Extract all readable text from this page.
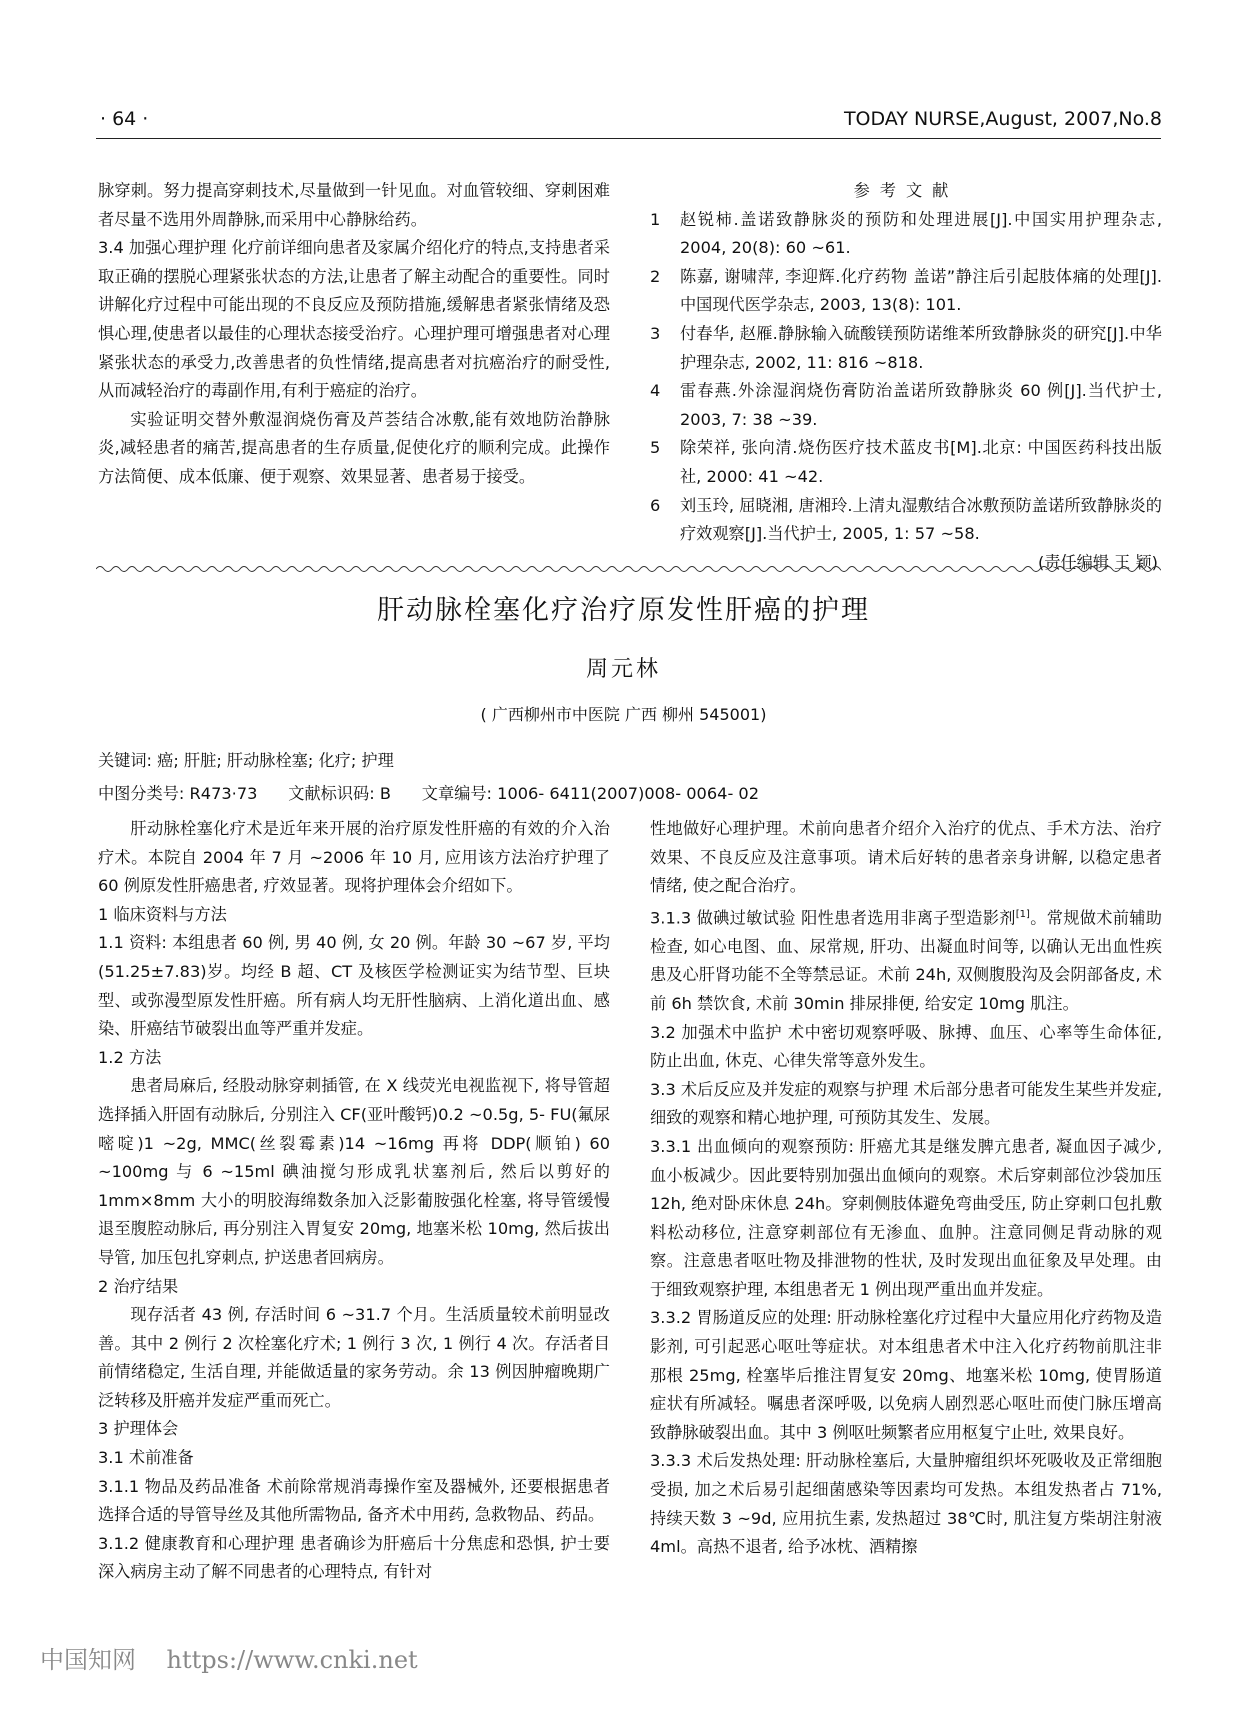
· 64 ·	TODAY NURSE,August, 2007,No.8

脉穿刺。努力提高穿刺技术,尽量做到一针见血。对血管较细、穿刺困难者尽量不选用外周静脉,而采用中心静脉给药。

3.4 加强心理护理 化疗前详细向患者及家属介绍化疗的特点,支持患者采取正确的摆脱心理紧张状态的方法,让患者了解主动配合的重要性。同时讲解化疗过程中可能出现的不良反应及预防措施,缓解患者紧张情绪及恐惧心理,使患者以最佳的心理状态接受治疗。心理护理可增强患者对心理紧张状态的承受力,改善患者的负性情绪,提高患者对抗癌治疗的耐受性,从而减轻治疗的毒副作用,有利于癌症的治疗。

实验证明交替外敷湿润烧伤膏及芦荟结合冰敷,能有效地防治静脉炎,减轻患者的痛苦,提高患者的生存质量,促使化疗的顺利完成。此操作方法简便、成本低廉、便于观察、效果显著、患者易于接受。

参考文献

1	赵锐柿.盖诺致静脉炎的预防和处理进展[J].中国实用护理杂志, 2004, 20(8): 60 ~61.
2	陈嘉, 谢啸萍, 李迎辉.化疗药物 盖诺”静注后引起肢体痛的处理[J].中国现代医学杂志, 2003, 13(8): 101.
3	付春华, 赵雁.静脉输入硫酸镁预防诺维苯所致静脉炎的研究[J].中华护理杂志, 2002, 11: 816 ~818.
4	雷春燕.外涂湿润烧伤膏防治盖诺所致静脉炎 60 例[J].当代护士, 2003, 7: 38 ~39.
5	除荣祥, 张向清.烧伤医疗技术蓝皮书[M].北京: 中国医药科技出版社, 2000: 41 ~42.
6	刘玉玲, 屈晓湘, 唐湘玲.上清丸湿敷结合冰敷预防盖诺所致静脉炎的疗效观察[J].当代护士, 2005, 1: 57 ~58.

(责任编辑 王 颖)

肝动脉栓塞化疗治疗原发性肝癌的护理
周元林
( 广西柳州市中医院 广西 柳州 545001)
关键词: 癌; 肝脏; 肝动脉栓塞; 化疗; 护理
中图分类号: R473·73      文献标识码: B      文章编号: 1006- 6411(2007)008- 0064- 02

肝动脉栓塞化疗术是近年来开展的治疗原发性肝癌的有效的介入治疗术。本院自 2004 年 7 月 ~2006 年 10 月, 应用该方法治疗护理了 60 例原发性肝癌患者, 疗效显著。现将护理体会介绍如下。

1 临床资料与方法

1.1 资料: 本组患者 60 例, 男 40 例, 女 20 例。年龄 30 ~67 岁, 平均(51.25±7.83)岁。均经 B 超、CT 及核医学检测证实为结节型、巨块型、或弥漫型原发性肝癌。所有病人均无肝性脑病、上消化道出血、感染、肝癌结节破裂出血等严重并发症。

1.2 方法

患者局麻后, 经股动脉穿刺插管, 在 X 线荧光电视监视下, 将导管超选择插入肝固有动脉后, 分别注入 CF(亚叶酸钙)0.2 ~0.5g, 5- FU(氟尿嘧啶)1 ~2g, MMC(丝裂霉素)14 ~16mg 再将 DDP(顺铂) 60 ~100mg 与 6 ~15ml 碘油搅匀形成乳状塞剂后, 然后以剪好的 1mm×8mm 大小的明胶海绵数条加入泛影葡胺强化栓塞, 将导管缓慢退至腹腔动脉后, 再分别注入胃复安 20mg, 地塞米松 10mg, 然后拔出导管, 加压包扎穿刺点, 护送患者回病房。

2 治疗结果

现存活者 43 例, 存活时间 6 ~31.7 个月。生活质量较术前明显改善。其中 2 例行 2 次栓塞化疗术; 1 例行 3 次, 1 例行 4 次。存活者目前情绪稳定, 生活自理, 并能做适量的家务劳动。余 13 例因肿瘤晚期广泛转移及肝癌并发症严重而死亡。

3 护理体会

3.1 术前准备

3.1.1 物品及药品准备 术前除常规消毒操作室及器械外, 还要根据患者选择合适的导管导丝及其他所需物品, 备齐术中用药, 急救物品、药品。

3.1.2 健康教育和心理护理 患者确诊为肝癌后十分焦虑和恐惧, 护士要深入病房主动了解不同患者的心理特点, 有针对

性地做好心理护理。术前向患者介绍介入治疗的优点、手术方法、治疗效果、不良反应及注意事项。请术后好转的患者亲身讲解, 以稳定患者情绪, 使之配合治疗。

3.1.3 做碘过敏试验 阳性患者选用非离子型造影剂[1]。常规做术前辅助检查, 如心电图、血、尿常规, 肝功、出凝血时间等, 以确认无出血性疾患及心肝肾功能不全等禁忌证。术前 24h, 双侧腹股沟及会阴部备皮, 术前 6h 禁饮食, 术前 30min 排尿排便, 给安定 10mg 肌注。

3.2 加强术中监护 术中密切观察呼吸、脉搏、血压、心率等生命体征, 防止出血, 休克、心律失常等意外发生。

3.3 术后反应及并发症的观察与护理 术后部分患者可能发生某些并发症, 细致的观察和精心地护理, 可预防其发生、发展。

3.3.1 出血倾向的观察预防: 肝癌尤其是继发脾亢患者, 凝血因子减少, 血小板减少。因此要特别加强出血倾向的观察。术后穿刺部位沙袋加压 12h, 绝对卧床休息 24h。穿刺侧肢体避免弯曲受压, 防止穿刺口包扎敷料松动移位, 注意穿刺部位有无渗血、血肿。注意同侧足背动脉的观察。注意患者呕吐物及排泄物的性状, 及时发现出血征象及早处理。由于细致观察护理, 本组患者无 1 例出现严重出血并发症。

3.3.2 胃肠道反应的处理: 肝动脉栓塞化疗过程中大量应用化疗药物及造影剂, 可引起恶心呕吐等症状。对本组患者术中注入化疗药物前肌注非那根 25mg, 栓塞毕后推注胃复安 20mg、地塞米松 10mg, 使胃肠道症状有所减轻。嘱患者深呼吸, 以免病人剧烈恶心呕吐而使门脉压增高致静脉破裂出血。其中 3 例呕吐频繁者应用枢复宁止吐, 效果良好。

3.3.3 术后发热处理: 肝动脉栓塞后, 大量肿瘤组织坏死吸收及正常细胞受损, 加之术后易引起细菌感染等因素均可发热。本组发热者占 71%, 持续天数 3 ~9d, 应用抗生素, 发热超过 38℃时, 肌注复方柴胡注射液 4ml。高热不退者, 给予冰枕、酒精擦

中国知网 https://www.cnki.net
